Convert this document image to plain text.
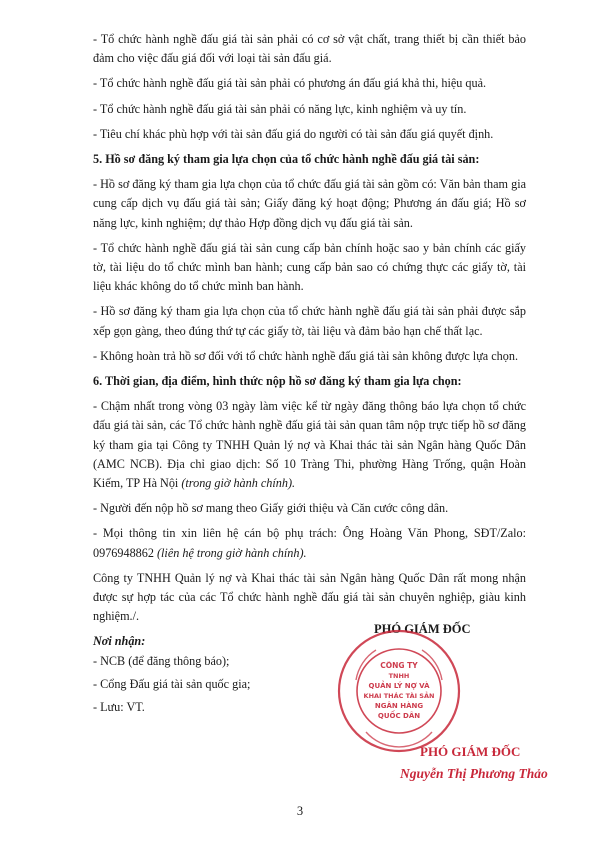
- Tổ chức hành nghề đấu giá tài sản phải có cơ sở vật chất, trang thiết bị cần thiết bảo đảm cho việc đấu giá đối với loại tài sản đấu giá.

- Tổ chức hành nghề đấu giá tài sản phải có phương án đấu giá khả thi, hiệu quả.

- Tổ chức hành nghề đấu giá tài sản phải có năng lực, kinh nghiệm và uy tín.

- Tiêu chí khác phù hợp với tài sản đấu giá do người có tài sản đấu giá quyết định.

5. Hồ sơ đăng ký tham gia lựa chọn của tổ chức hành nghề đấu giá tài sản:

- Hồ sơ đăng ký tham gia lựa chọn của tổ chức đấu giá tài sản gồm có: Văn bản tham gia cung cấp dịch vụ đấu giá tài sản; Giấy đăng ký hoạt động; Phương án đấu giá; Hồ sơ năng lực, kinh nghiệm; dự thảo Hợp đồng dịch vụ đấu giá tài sản.

- Tổ chức hành nghề đấu giá tài sản cung cấp bản chính hoặc sao y bản chính các giấy tờ, tài liệu do tổ chức mình ban hành; cung cấp bản sao có chứng thực các giấy tờ, tài liệu khác không do tổ chức mình ban hành.

- Hồ sơ đăng ký tham gia lựa chọn của tổ chức hành nghề đấu giá tài sản phải được sắp xếp gọn gàng, theo đúng thứ tự các giấy tờ, tài liệu và đảm bảo hạn chế thất lạc.

- Không hoàn trả hồ sơ đối với tổ chức hành nghề đấu giá tài sản không được lựa chọn.

6. Thời gian, địa điểm, hình thức nộp hồ sơ đăng ký tham gia lựa chọn:

- Chậm nhất trong vòng 03 ngày làm việc kể từ ngày đăng thông báo lựa chọn tổ chức đấu giá tài sản, các Tổ chức hành nghề đấu giá tài sản quan tâm nộp trực tiếp hồ sơ đăng ký tham gia tại Công ty TNHH Quản lý nợ và Khai thác tài sản Ngân hàng Quốc Dân (AMC NCB). Địa chỉ giao dịch: Số 10 Tràng Thi, phường Hàng Trống, quận Hoàn Kiếm, TP Hà Nội (trong giờ hành chính).

- Người đến nộp hồ sơ mang theo Giấy giới thiệu và Căn cước công dân.

- Mọi thông tin xin liên hệ cán bộ phụ trách: Ông Hoàng Văn Phong, SĐT/Zalo: 0976948862 (liên hệ trong giờ hành chính).

Công ty TNHH Quản lý nợ và Khai thác tài sản Ngân hàng Quốc Dân rất mong nhận được sự hợp tác của các Tổ chức hành nghề đấu giá tài sản chuyên nghiệp, giàu kinh nghiệm./.

Nơi nhận:
- NCB (để đăng thông báo);
- Cổng Đấu giá tài sản quốc gia;
- Lưu: VT.
PHÓ GIÁM ĐỐC
CÔNG TY
TNHH
QUẢN LÝ NỢ VÀ
KHAI THÁC TÀI SẢN
NGÂN HÀNG
QUỐC DÂN
PHÓ GIÁM ĐỐC
Nguyễn Thị Phương Thảo
3
